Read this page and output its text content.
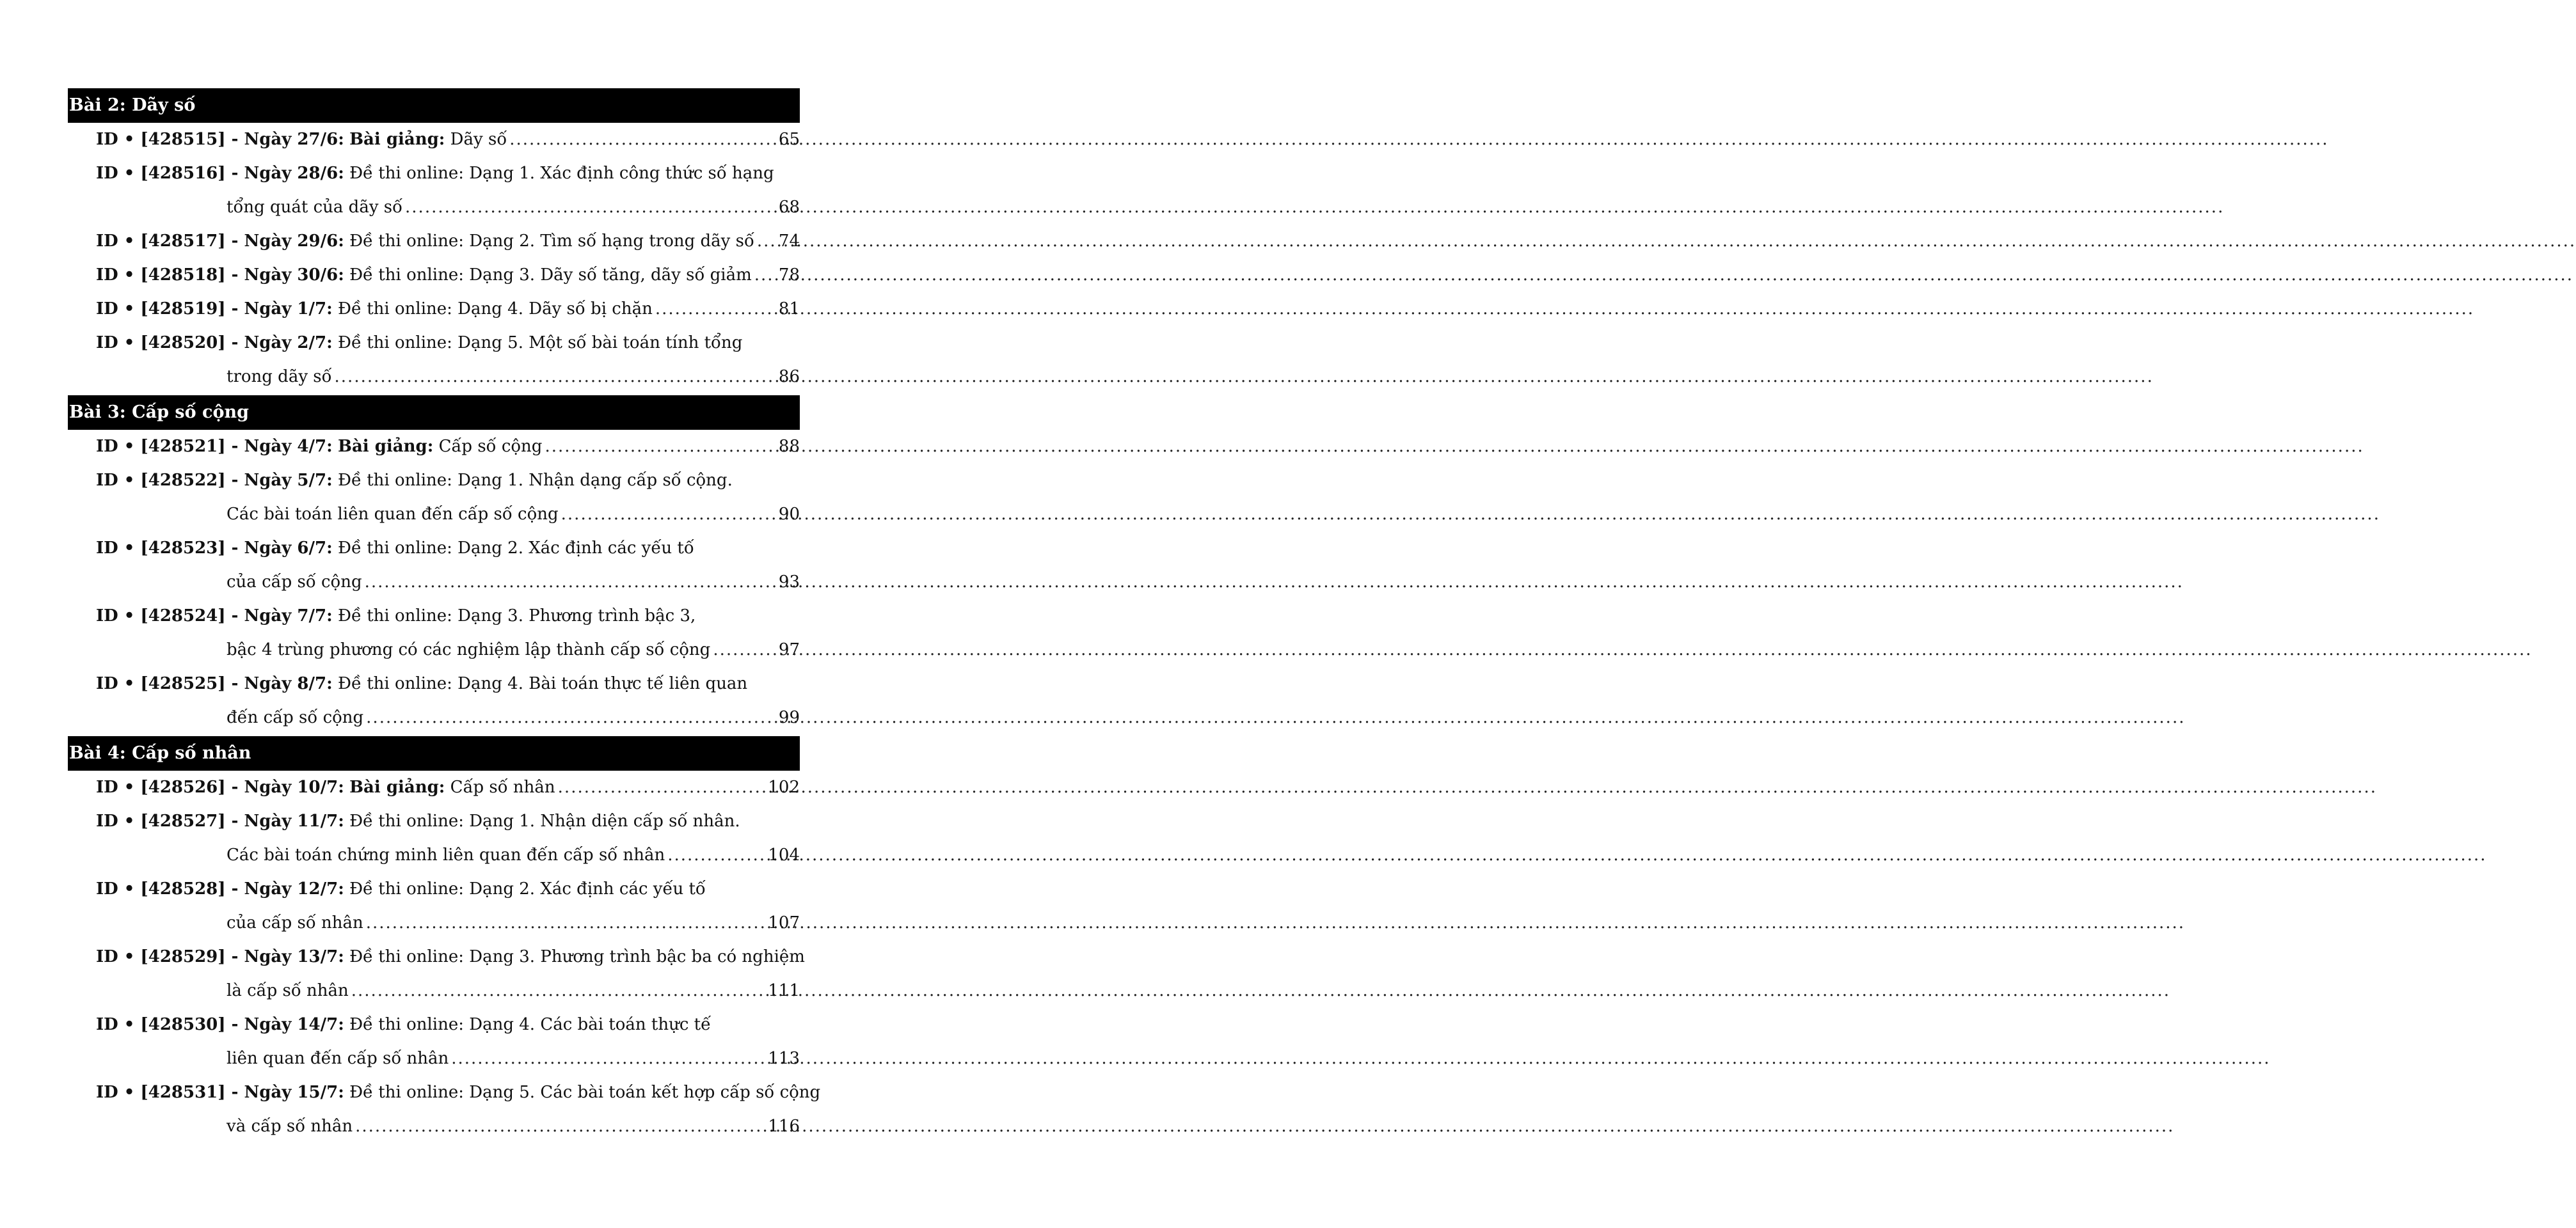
Bài 2: Dãy số
ID • [428515] - Ngày 27/6: Bài giảng: Dãy số .....	65
ID • [428516] - Ngày 28/6: Đề thi online: Dạng 1. Xác định công thức số hạng
tổng quát của dãy số .....	68
ID • [428517] - Ngày 29/6: Đề thi online: Dạng 2. Tìm số hạng trong dãy số ..... 74
ID • [428518] - Ngày 30/6: Đề thi online: Dạng 3. Dãy số tăng, dãy số giảm ..... 78
ID • [428519] - Ngày 1/7: Đề thi online: Dạng 4. Dãy số bị chặn .....	81
ID • [428520] - Ngày 2/7: Đề thi online: Dạng 5. Một số bài toán tính tổng
trong dãy số .....	86
Bài 3: Cấp số cộng
ID • [428521] - Ngày 4/7: Bài giảng: Cấp số cộng .....	88
ID • [428522] - Ngày 5/7: Đề thi online: Dạng 1. Nhận dạng cấp số cộng.
Các bài toán liên quan đến cấp số cộng .....	90
ID • [428523] - Ngày 6/7: Đề thi online: Dạng 2. Xác định các yếu tố
của cấp số cộng .....	93
ID • [428524] - Ngày 7/7: Đề thi online: Dạng 3. Phương trình bậc 3,
bậc 4 trùng phương có các nghiệm lập thành cấp số cộng .....	97
ID • [428525] - Ngày 8/7: Đề thi online: Dạng 4. Bài toán thực tế liên quan
đến cấp số cộng .....	99
Bài 4: Cấp số nhân
ID • [428526] - Ngày 10/7: Bài giảng: Cấp số nhân .....	102
ID • [428527] - Ngày 11/7: Đề thi online: Dạng 1. Nhận diện cấp số nhân.
Các bài toán chứng minh liên quan đến cấp số nhân .....	104
ID • [428528] - Ngày 12/7: Đề thi online: Dạng 2. Xác định các yếu tố
của cấp số nhân .....	107
ID • [428529] - Ngày 13/7: Đề thi online: Dạng 3. Phương trình bậc ba có nghiệm
là cấp số nhân .....	111
ID • [428530] - Ngày 14/7: Đề thi online: Dạng 4. Các bài toán thực tế
liên quan đến cấp số nhân .....	113
ID • [428531] - Ngày 15/7: Đề thi online: Dạng 5. Các bài toán kết hợp cấp số cộng
và cấp số nhân .....	116
